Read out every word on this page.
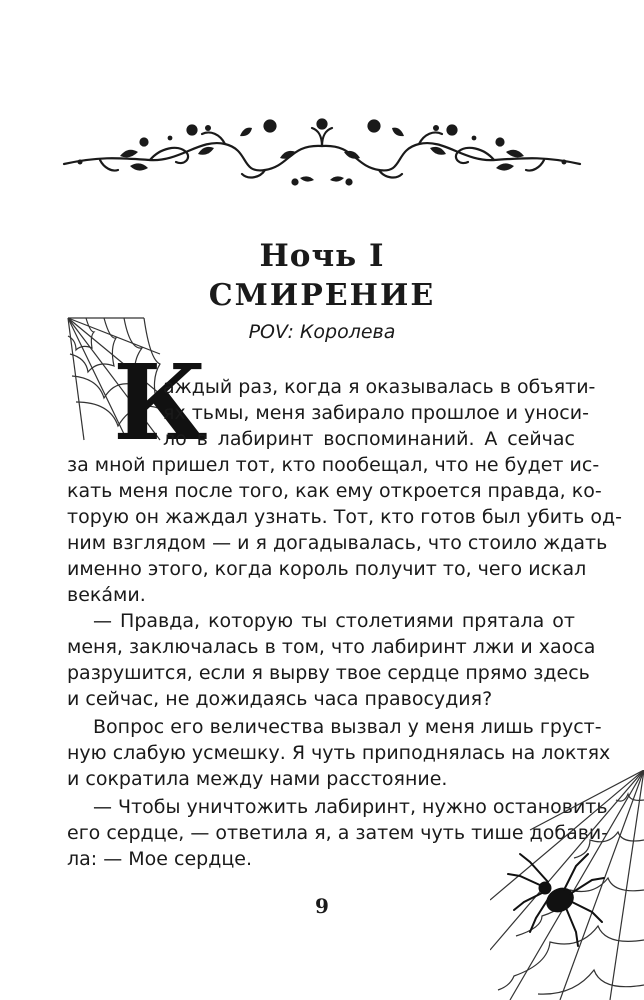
Ночь I
СМИРЕНИЕ
POV: Королева
К
аждый раз, когда я оказывалась в объяти-
ях тьмы, меня забирало прошлое и уноси-
ло в лабиринт воспоминаний. А сейчас
за мной пришел тот, кто пообещал, что не будет ис-
кать меня после того, как ему откроется правда, ко-
торую он жаждал узнать. Тот, кто готов был убить од-
ним взглядом — и я догадывалась, что стоило ждать
именно этого, когда король получит то, чего искал
века́ми.
— Правда, которую ты столетиями прятала от
меня, заключалась в том, что лабиринт лжи и хаоса
разрушится, если я вырву твое сердце прямо здесь
и сейчас, не дожидаясь часа правосудия?
Вопрос его величества вызвал у меня лишь груст-
ную слабую усмешку. Я чуть приподнялась на локтях
и сократила между нами расстояние.
— Чтобы уничтожить лабиринт, нужно остановить
его сердце, — ответила я, а затем чуть тише добави-
ла: — Мое сердце.
9
